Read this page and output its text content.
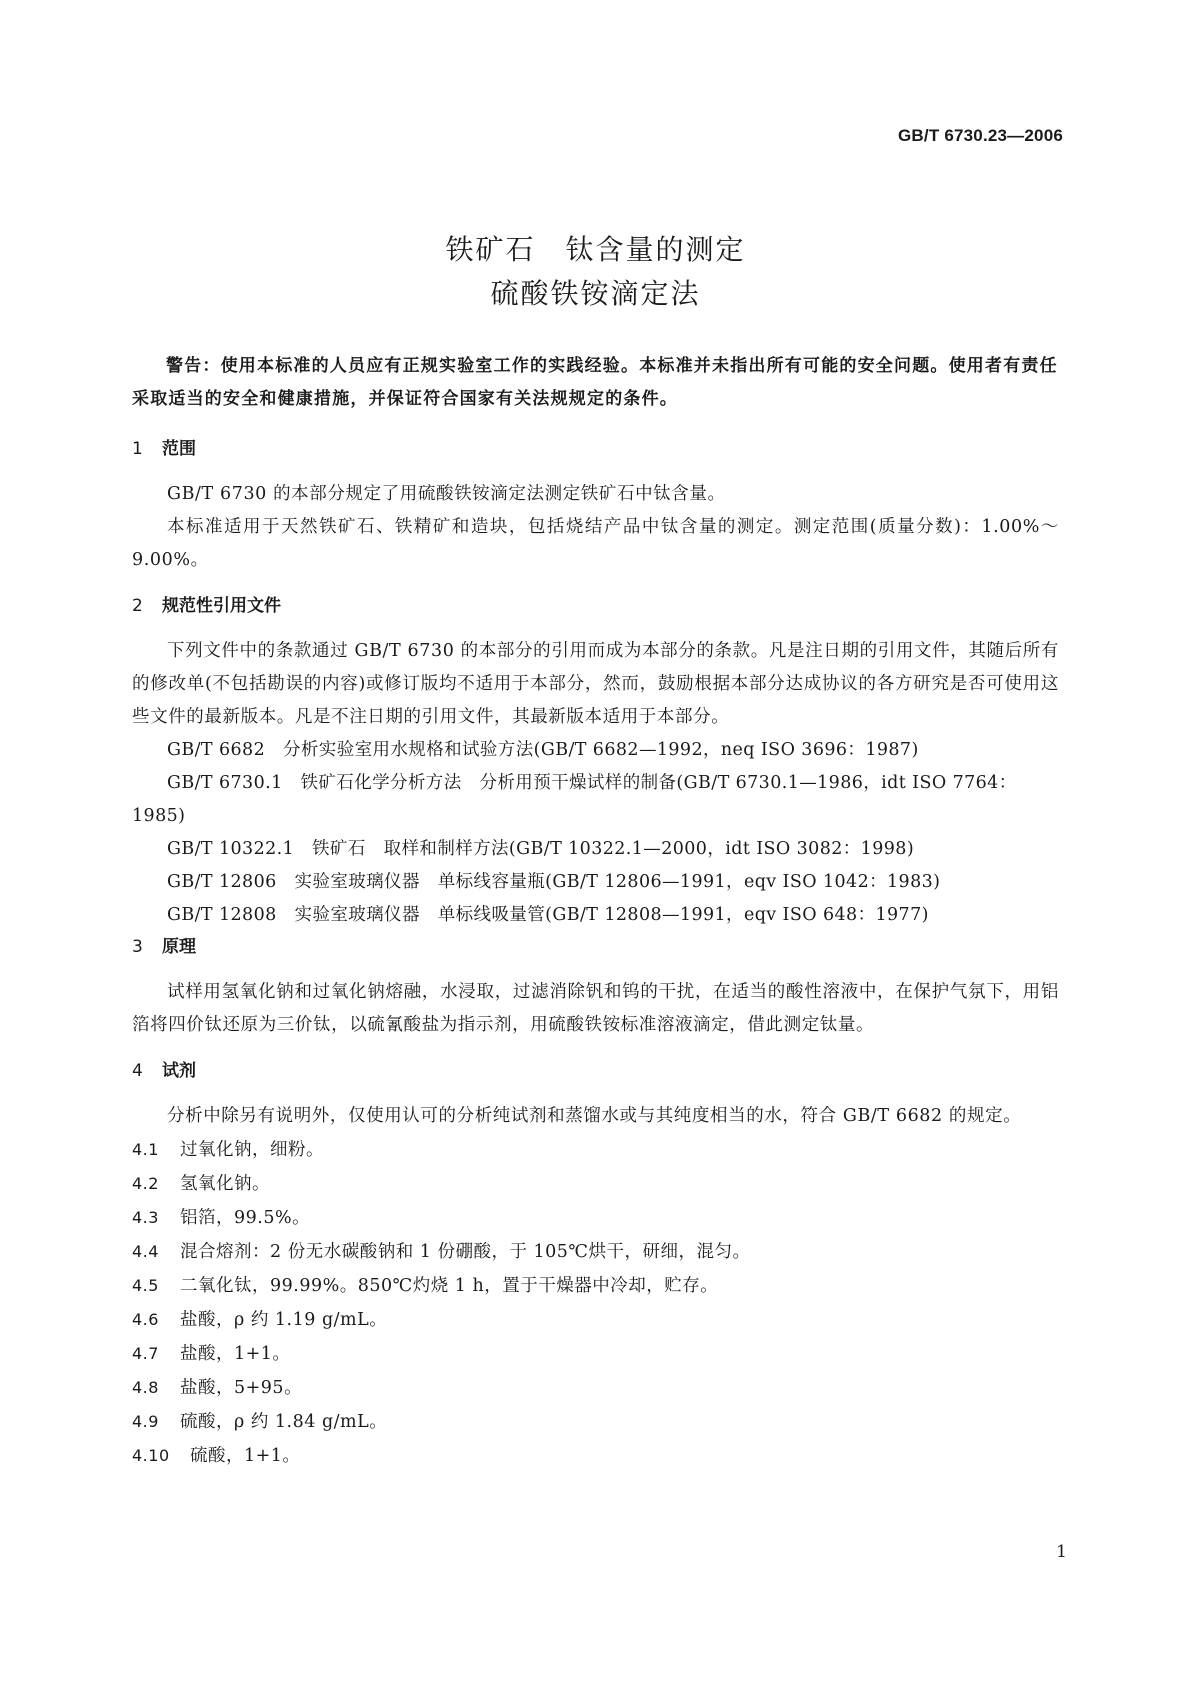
GB/T 6730.23—2006
铁矿石　钛含量的测定
硫酸铁铵滴定法
警告：使用本标准的人员应有正规实验室工作的实践经验。本标准并未指出所有可能的安全问题。使用者有责任采取适当的安全和健康措施，并保证符合国家有关法规规定的条件。
1 范围

GB/T 6730 的本部分规定了用硫酸铁铵滴定法测定铁矿石中钛含量。

本标准适用于天然铁矿石、铁精矿和造块，包括烧结产品中钛含量的测定。测定范围(质量分数)：1.00%～9.00%。

2 规范性引用文件

下列文件中的条款通过 GB/T 6730 的本部分的引用而成为本部分的条款。凡是注日期的引用文件，其随后所有的修改单(不包括勘误的内容)或修订版均不适用于本部分，然而，鼓励根据本部分达成协议的各方研究是否可使用这些文件的最新版本。凡是不注日期的引用文件，其最新版本适用于本部分。

GB/T 6682　分析实验室用水规格和试验方法(GB/T 6682—1992，neq ISO 3696：1987)

GB/T 6730.1　铁矿石化学分析方法　分析用预干燥试样的制备(GB/T 6730.1—1986，idt ISO 7764：1985)

GB/T 10322.1　铁矿石　取样和制样方法(GB/T 10322.1—2000，idt ISO 3082：1998)

GB/T 12806　实验室玻璃仪器　单标线容量瓶(GB/T 12806—1991，eqv ISO 1042：1983)

GB/T 12808　实验室玻璃仪器　单标线吸量管(GB/T 12808—1991，eqv ISO 648：1977)

3 原理

试样用氢氧化钠和过氧化钠熔融，水浸取，过滤消除钒和钨的干扰，在适当的酸性溶液中，在保护气氛下，用铝箔将四价钛还原为三价钛，以硫氰酸盐为指示剂，用硫酸铁铵标准溶液滴定，借此测定钛量。

4 试剂

分析中除另有说明外，仅使用认可的分析纯试剂和蒸馏水或与其纯度相当的水，符合 GB/T 6682 的规定。

4.1 过氧化钠，细粉。

4.2 氢氧化钠。

4.3 铝箔，99.5%。

4.4 混合熔剂：2 份无水碳酸钠和 1 份硼酸，于 105℃烘干，研细，混匀。

4.5 二氧化钛，99.99%。850℃灼烧 1 h，置于干燥器中冷却，贮存。

4.6 盐酸，ρ 约 1.19 g/mL。

4.7 盐酸，1+1。

4.8 盐酸，5+95。

4.9 硫酸，ρ 约 1.84 g/mL。

4.10 硫酸，1+1。

1
